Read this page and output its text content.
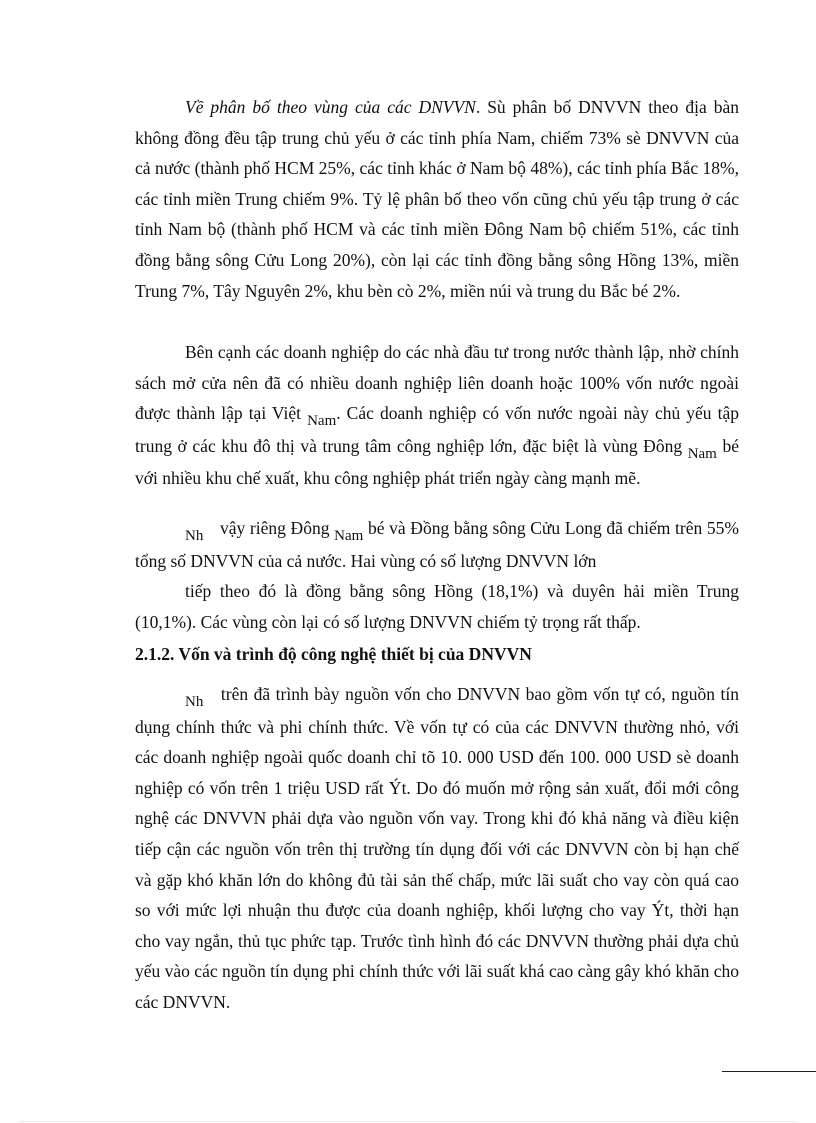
Về phân bố theo vùng của các DNVVN. Sù phân bố DNVVN theo địa bàn không đồng đều tập trung chủ yếu ở các tỉnh phía Nam, chiếm 73% sè DNVVN của cả nước (thành phố HCM 25%, các tỉnh khác ở Nam bộ 48%), các tỉnh phía Bắc 18%, các tỉnh miền Trung chiếm 9%. Tỷ lệ phân bố theo vốn cũng chủ yếu tập trung ở các tỉnh Nam bộ (thành phố HCM và các tỉnh miền Đông Nam bộ chiếm 51%, các tỉnh đồng bằng sông Cửu Long 20%), còn lại các tỉnh đồng bằng sông Hồng 13%, miền Trung 7%, Tây Nguyên 2%, khu bèn cò 2%, miền núi và trung du Bắc bé 2%.

Bên cạnh các doanh nghiệp do các nhà đầu tư trong nước thành lập, nhờ chính sách mở cửa nên đã có nhiều doanh nghiệp liên doanh hoặc 100% vốn nước ngoài được thành lập tại Việt Nam. Các doanh nghiệp có vốn nước ngoài này chủ yếu tập trung ở các khu đô thị và trung tâm công nghiệp lớn, đặc biệt là vùng Đông Nam bé với nhiều khu chế xuất, khu công nghiệp phát triển ngày càng mạnh mẽ.

Nh vậy riêng Đông Nam bé và Đồng bằng sông Cửu Long đã chiếm trên 55% tổng số DNVVN của cả nước. Hai vùng có số lượng DNVVN lớn

tiếp theo đó là đồng bằng sông Hồng (18,1%) và duyên hải miền Trung (10,1%). Các vùng còn lại có số lượng DNVVN chiếm tỷ trọng rất thấp.

2.1.2. Vốn và trình độ công nghệ thiết bị của DNVVN

Nh trên đã trình bày nguồn vốn cho DNVVN bao gồm vốn tự có, nguồn tín dụng chính thức và phi chính thức. Về vốn tự có của các DNVVN thường nhỏ, với các doanh nghiệp ngoài quốc doanh chỉ tõ 10. 000 USD đến 100. 000 USD sè doanh nghiệp có vốn trên 1 triệu USD rất Ýt. Do đó muốn mở rộng sản xuất, đổi mới công nghệ các DNVVN phải dựa vào nguồn vốn vay. Trong khi đó khả năng và điều kiện tiếp cận các nguồn vốn trên thị trường tín dụng đối với các DNVVN còn bị hạn chế và gặp khó khăn lớn do không đủ tài sản thế chấp, mức lãi suất cho vay còn quá cao so với mức lợi nhuận thu được của doanh nghiệp, khối lượng cho vay Ýt, thời hạn cho vay ngắn, thủ tục phức tạp. Trước tình hình đó các DNVVN thường phải dựa chủ yếu vào các nguồn tín dụng phi chính thức với lãi suất khá cao càng gây khó khăn cho các DNVVN.
